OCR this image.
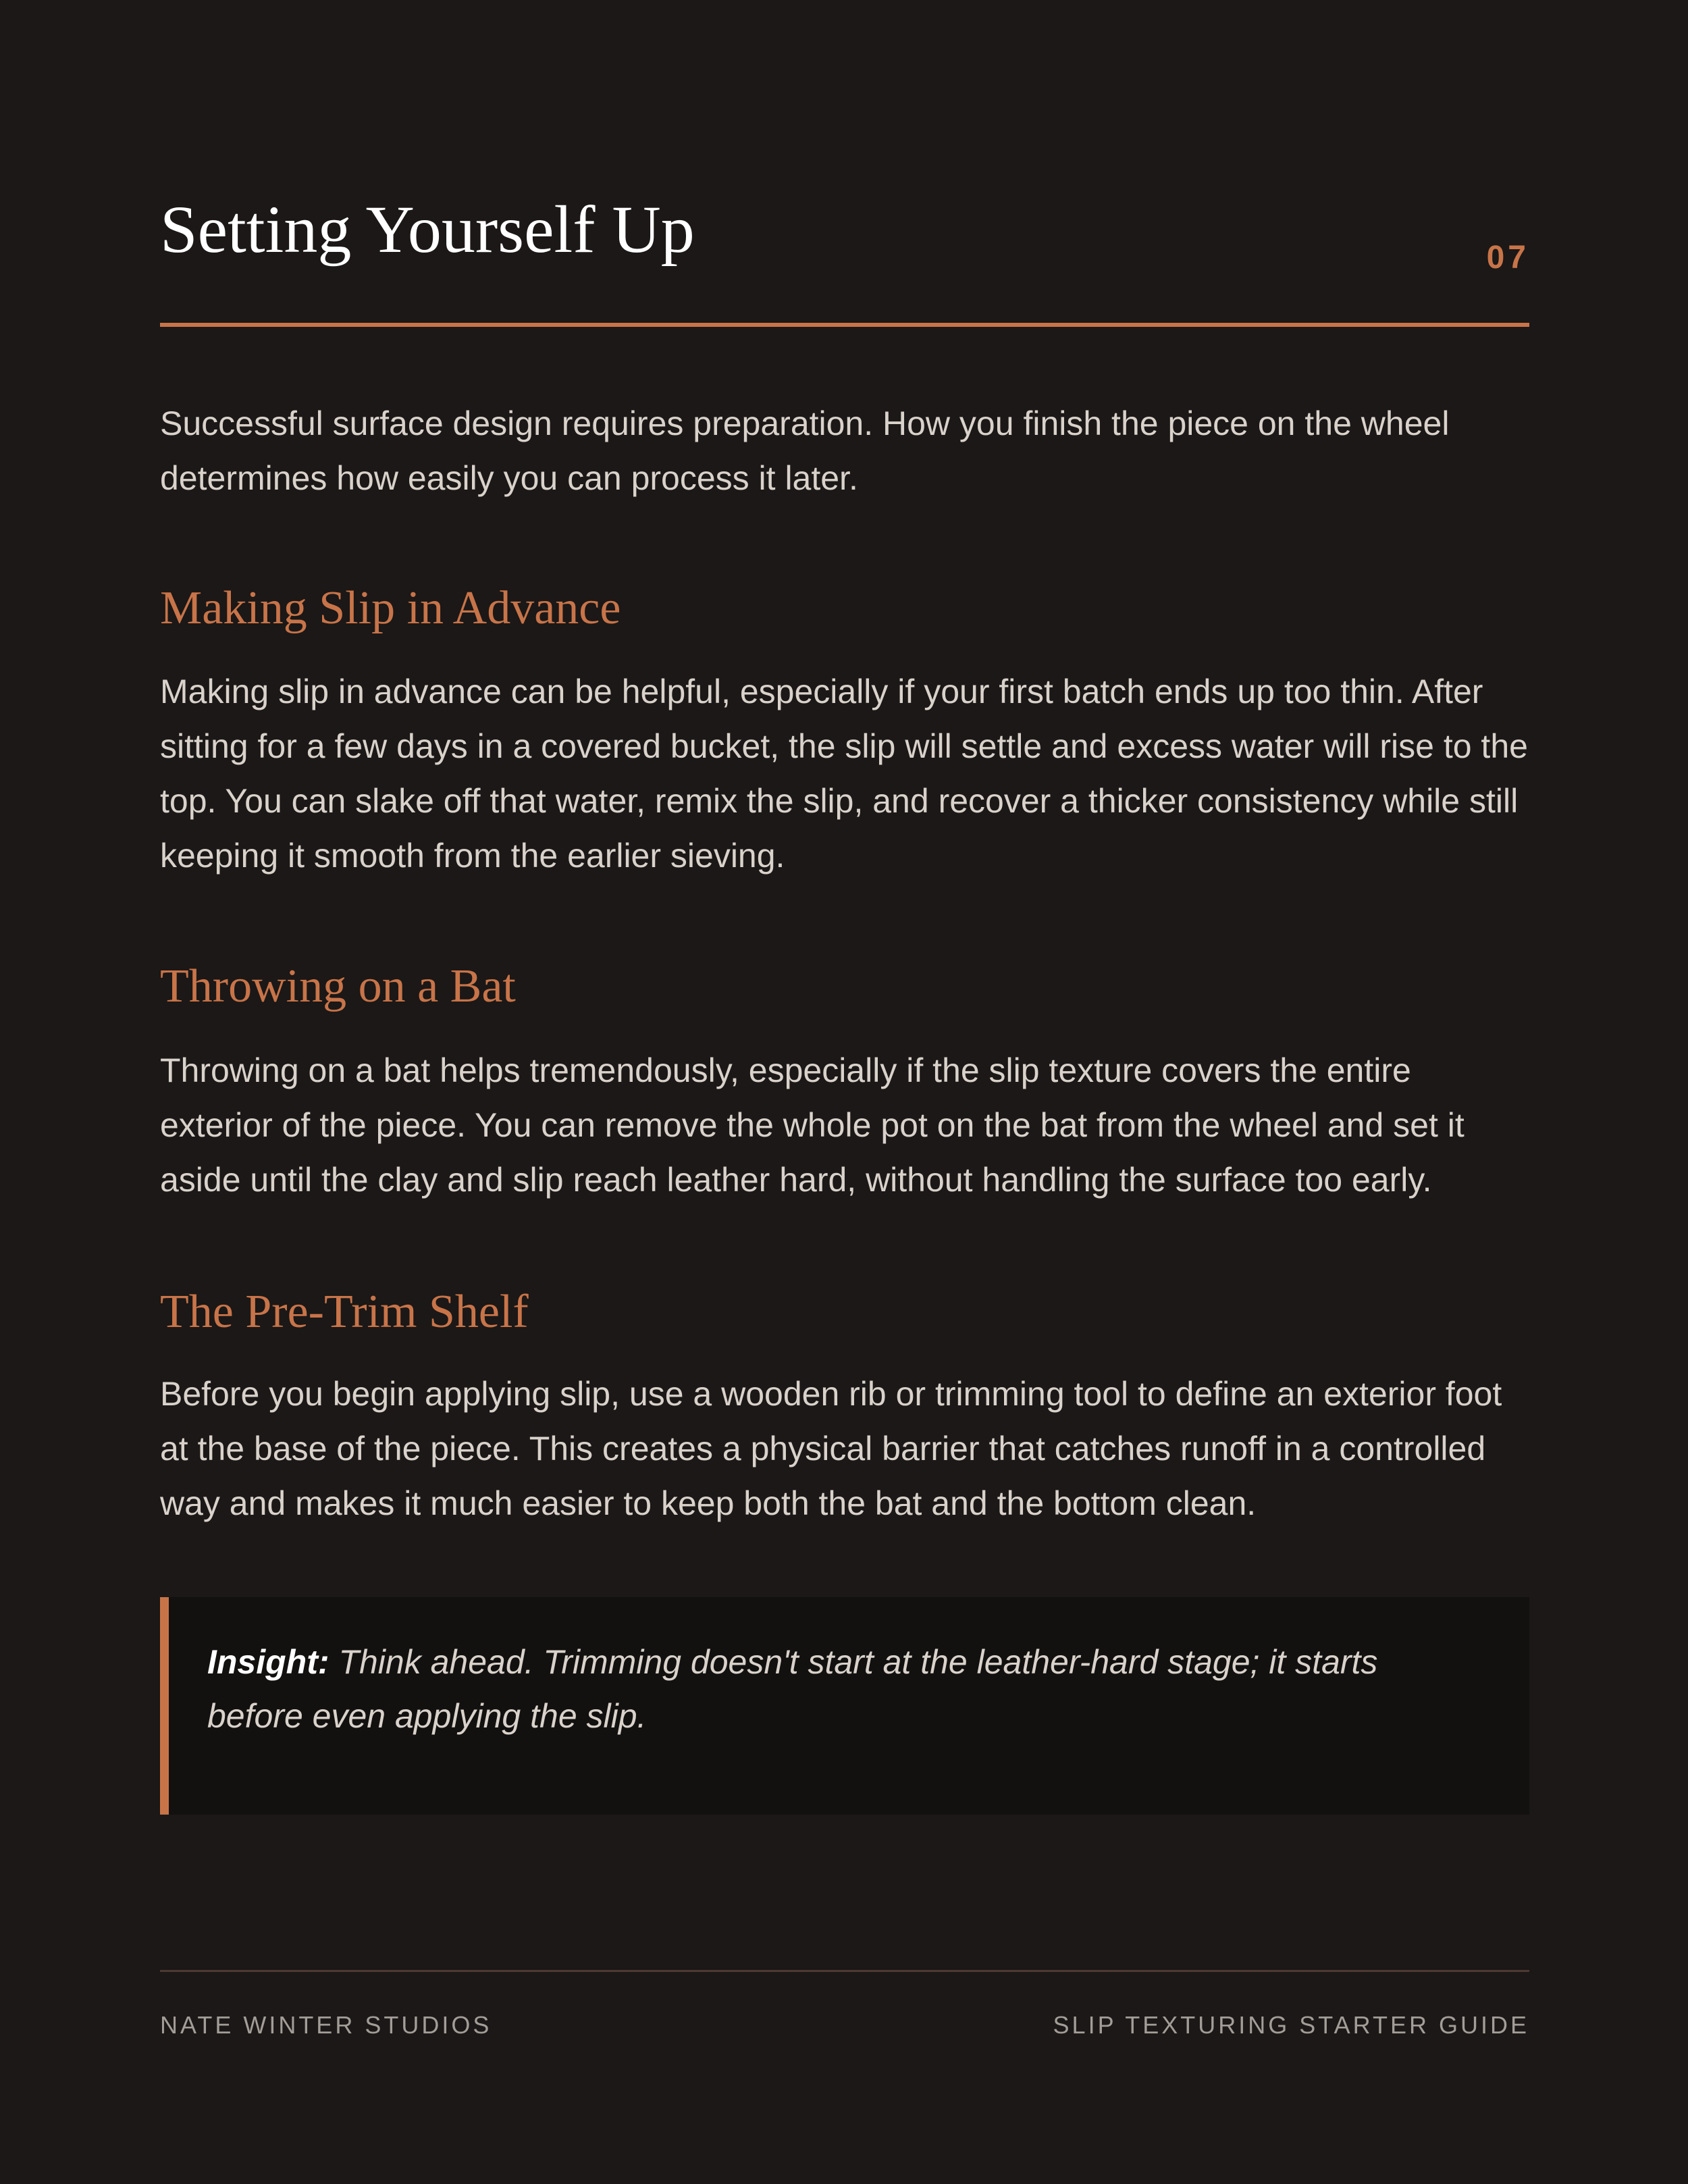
Setting Yourself Up	07

Successful surface design requires preparation. How you finish the piece on the wheel determines how easily you can process it later.

Making Slip in Advance

Making slip in advance can be helpful, especially if your first batch ends up too thin. After sitting for a few days in a covered bucket, the slip will settle and excess water will rise to the top. You can slake off that water, remix the slip, and recover a thicker consistency while still keeping it smooth from the earlier sieving.

Throwing on a Bat

Throwing on a bat helps tremendously, especially if the slip texture covers the entire exterior of the piece. You can remove the whole pot on the bat from the wheel and set it aside until the clay and slip reach leather hard, without handling the surface too early.

The Pre-Trim Shelf

Before you begin applying slip, use a wooden rib or trimming tool to define an exterior foot at the base of the piece. This creates a physical barrier that catches runoff in a controlled way and makes it much easier to keep both the bat and the bottom clean.

Insight: Think ahead. Trimming doesn't start at the leather-hard stage; it starts before even applying the slip.

NATE WINTER STUDIOS	SLIP TEXTURING STARTER GUIDE
